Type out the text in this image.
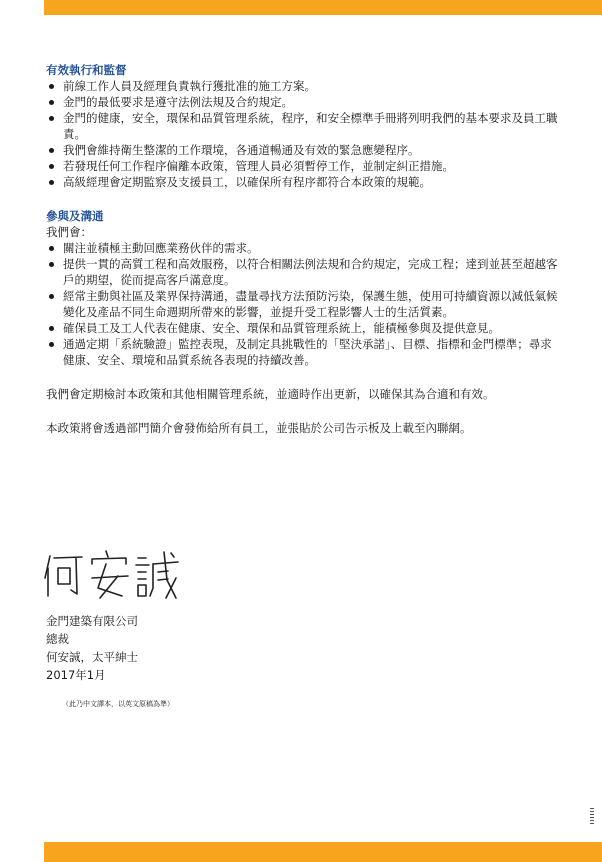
有效執行和監督

前線工作人員及經理負責執行獲批准的施工方案。
金門的最低要求是遵守法例法規及合約規定。
金門的健康，安全，環保和品質管理系統，程序，和安全標準手冊將列明我們的基本要求及員工職責。
我們會維持衛生整潔的工作環境，各通道暢通及有效的緊急應變程序。
若發現任何工作程序偏離本政策，管理人員必須暫停工作，並制定糾正措施。
高級經理會定期監察及支援員工，以確保所有程序都符合本政策的規範。

參與及溝通

我們會：

關注並積極主動回應業務伙伴的需求。
提供一貫的高質工程和高效服務，以符合相關法例法規和合約規定，完成工程；達到並甚至超越客戶的期望，從而提高客戶滿意度。
經常主動與社區及業界保持溝通，盡量尋找方法預防污染，保護生態，使用可持續資源以減低氣候變化及產品不同生命週期所帶來的影響，並提升受工程影響人士的生活質素。
確保員工及工人代表在健康、安全、環保和品質管理系統上，能積極參與及提供意見。
通過定期「系統驗證」監控表現，及制定具挑戰性的「堅決承諾」、目標、指標和金門標準；尋求健康、安全、環境和品質系統各表現的持續改善。

我們會定期檢討本政策和其他相關管理系統，並適時作出更新，以確保其為合適和有效。

本政策將會透過部門簡介會發佈給所有員工，並張貼於公司告示板及上載至內聯網。

金門建築有限公司

總裁

何安誠，太平紳士

2017年1月

（此乃中文譯本，以英文原稿為準）
